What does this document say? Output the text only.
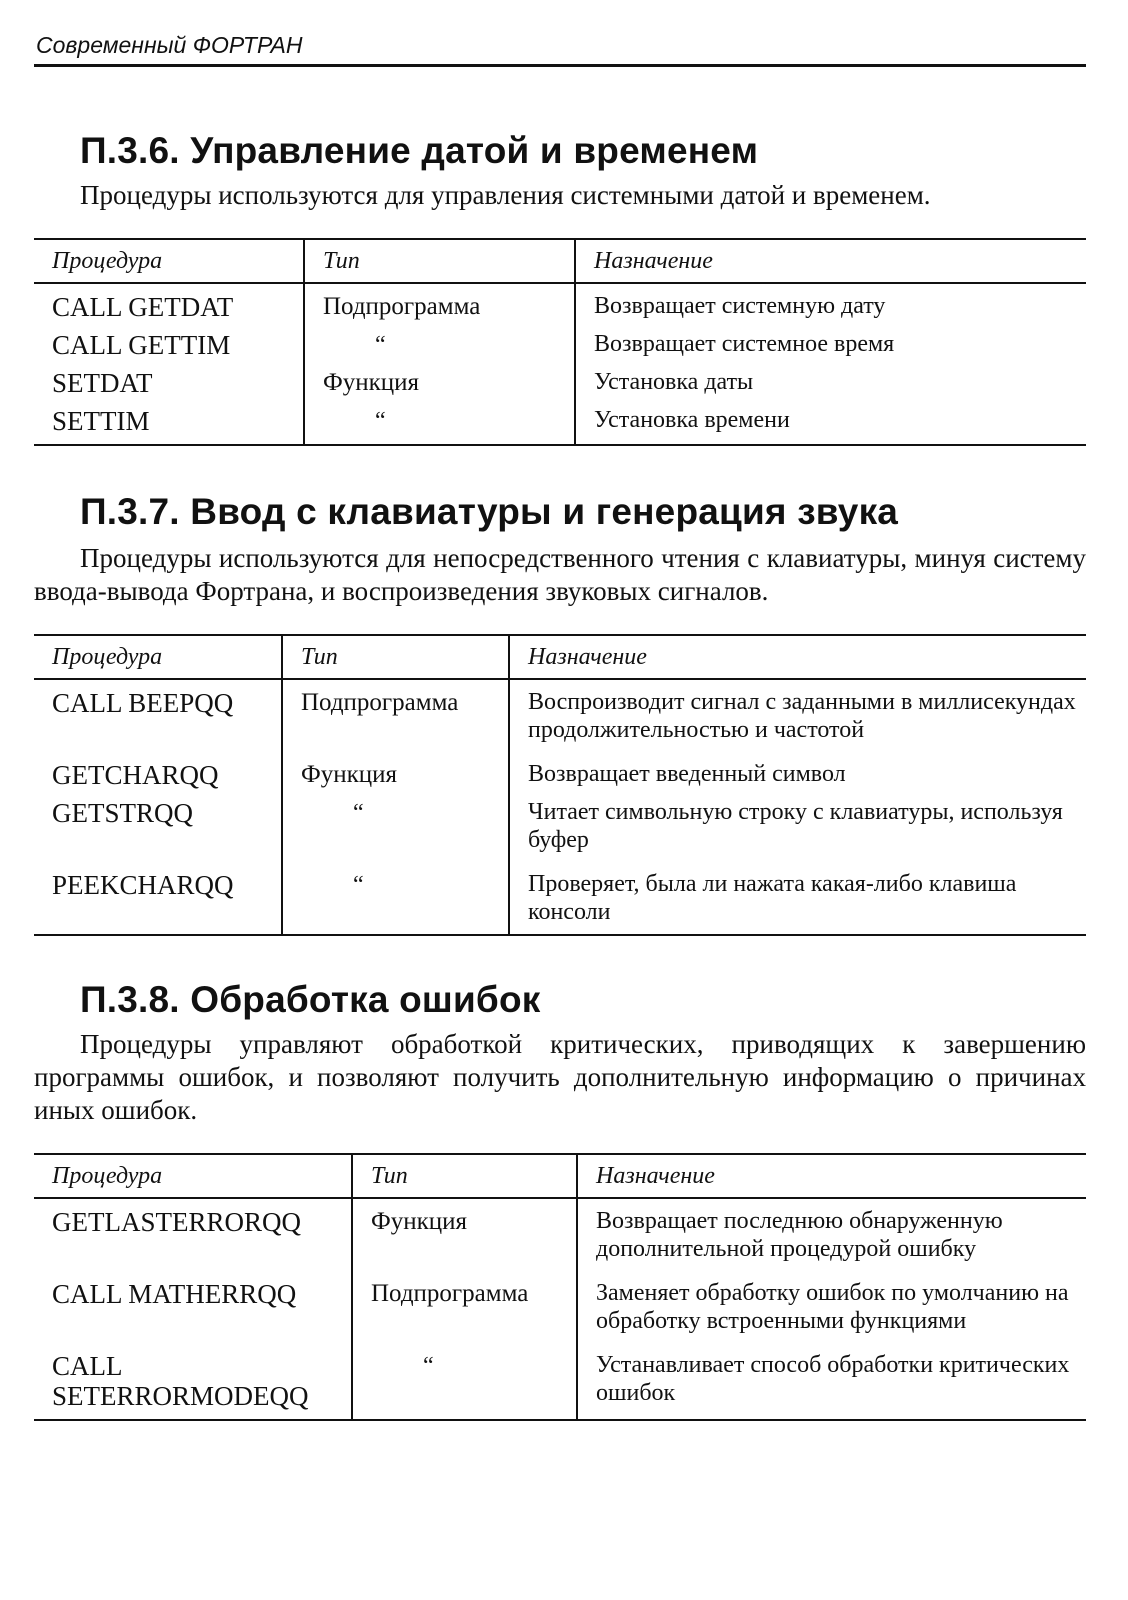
Современный ФОРТРАН
П.3.6. Управление датой и временем

Процедуры используются для управления системными датой и временем.

Процедура	Тип	Назначение
CALL GETDAT	Подпрограмма	Возвращает системную дату
CALL GETTIM	“	Возвращает системное время
SETDAT	Функция	Установка даты
SETTIM	“	Установка времени
П.3.7. Ввод с клавиатуры и генерация звука

Процедуры используются для непосредственного чтения с клавиатуры, минуя систему ввода-вывода Фортрана, и воспроизведения звуковых сигналов.

Процедура	Тип	Назначение
CALL BEEPQQ	Подпрограмма	Воспроизводит сигнал с заданными в миллисекундах продолжительностью и частотой
GETCHARQQ	Функция	Возвращает введенный символ
GETSTRQQ	“	Читает символьную строку с клавиатуры, используя буфер
PEEKCHARQQ	“	Проверяет, была ли нажата какая-либо клавиша консоли
П.3.8. Обработка ошибок

Процедуры управляют обработкой критических, приводящих к завершению программы ошибок, и позволяют получить дополнительную информацию о причинах иных ошибок.

Процедура	Тип	Назначение
GETLASTERRORQQ	Функция	Возвращает последнюю обнаруженную дополнительной процедурой ошибку
CALL MATHERRQQ	Подпрограмма	Заменяет обработку ошибок по умолчанию на обработку встроенными функциями
CALL SETERRORMODEQQ	“	Устанавливает способ обработки критических ошибок
